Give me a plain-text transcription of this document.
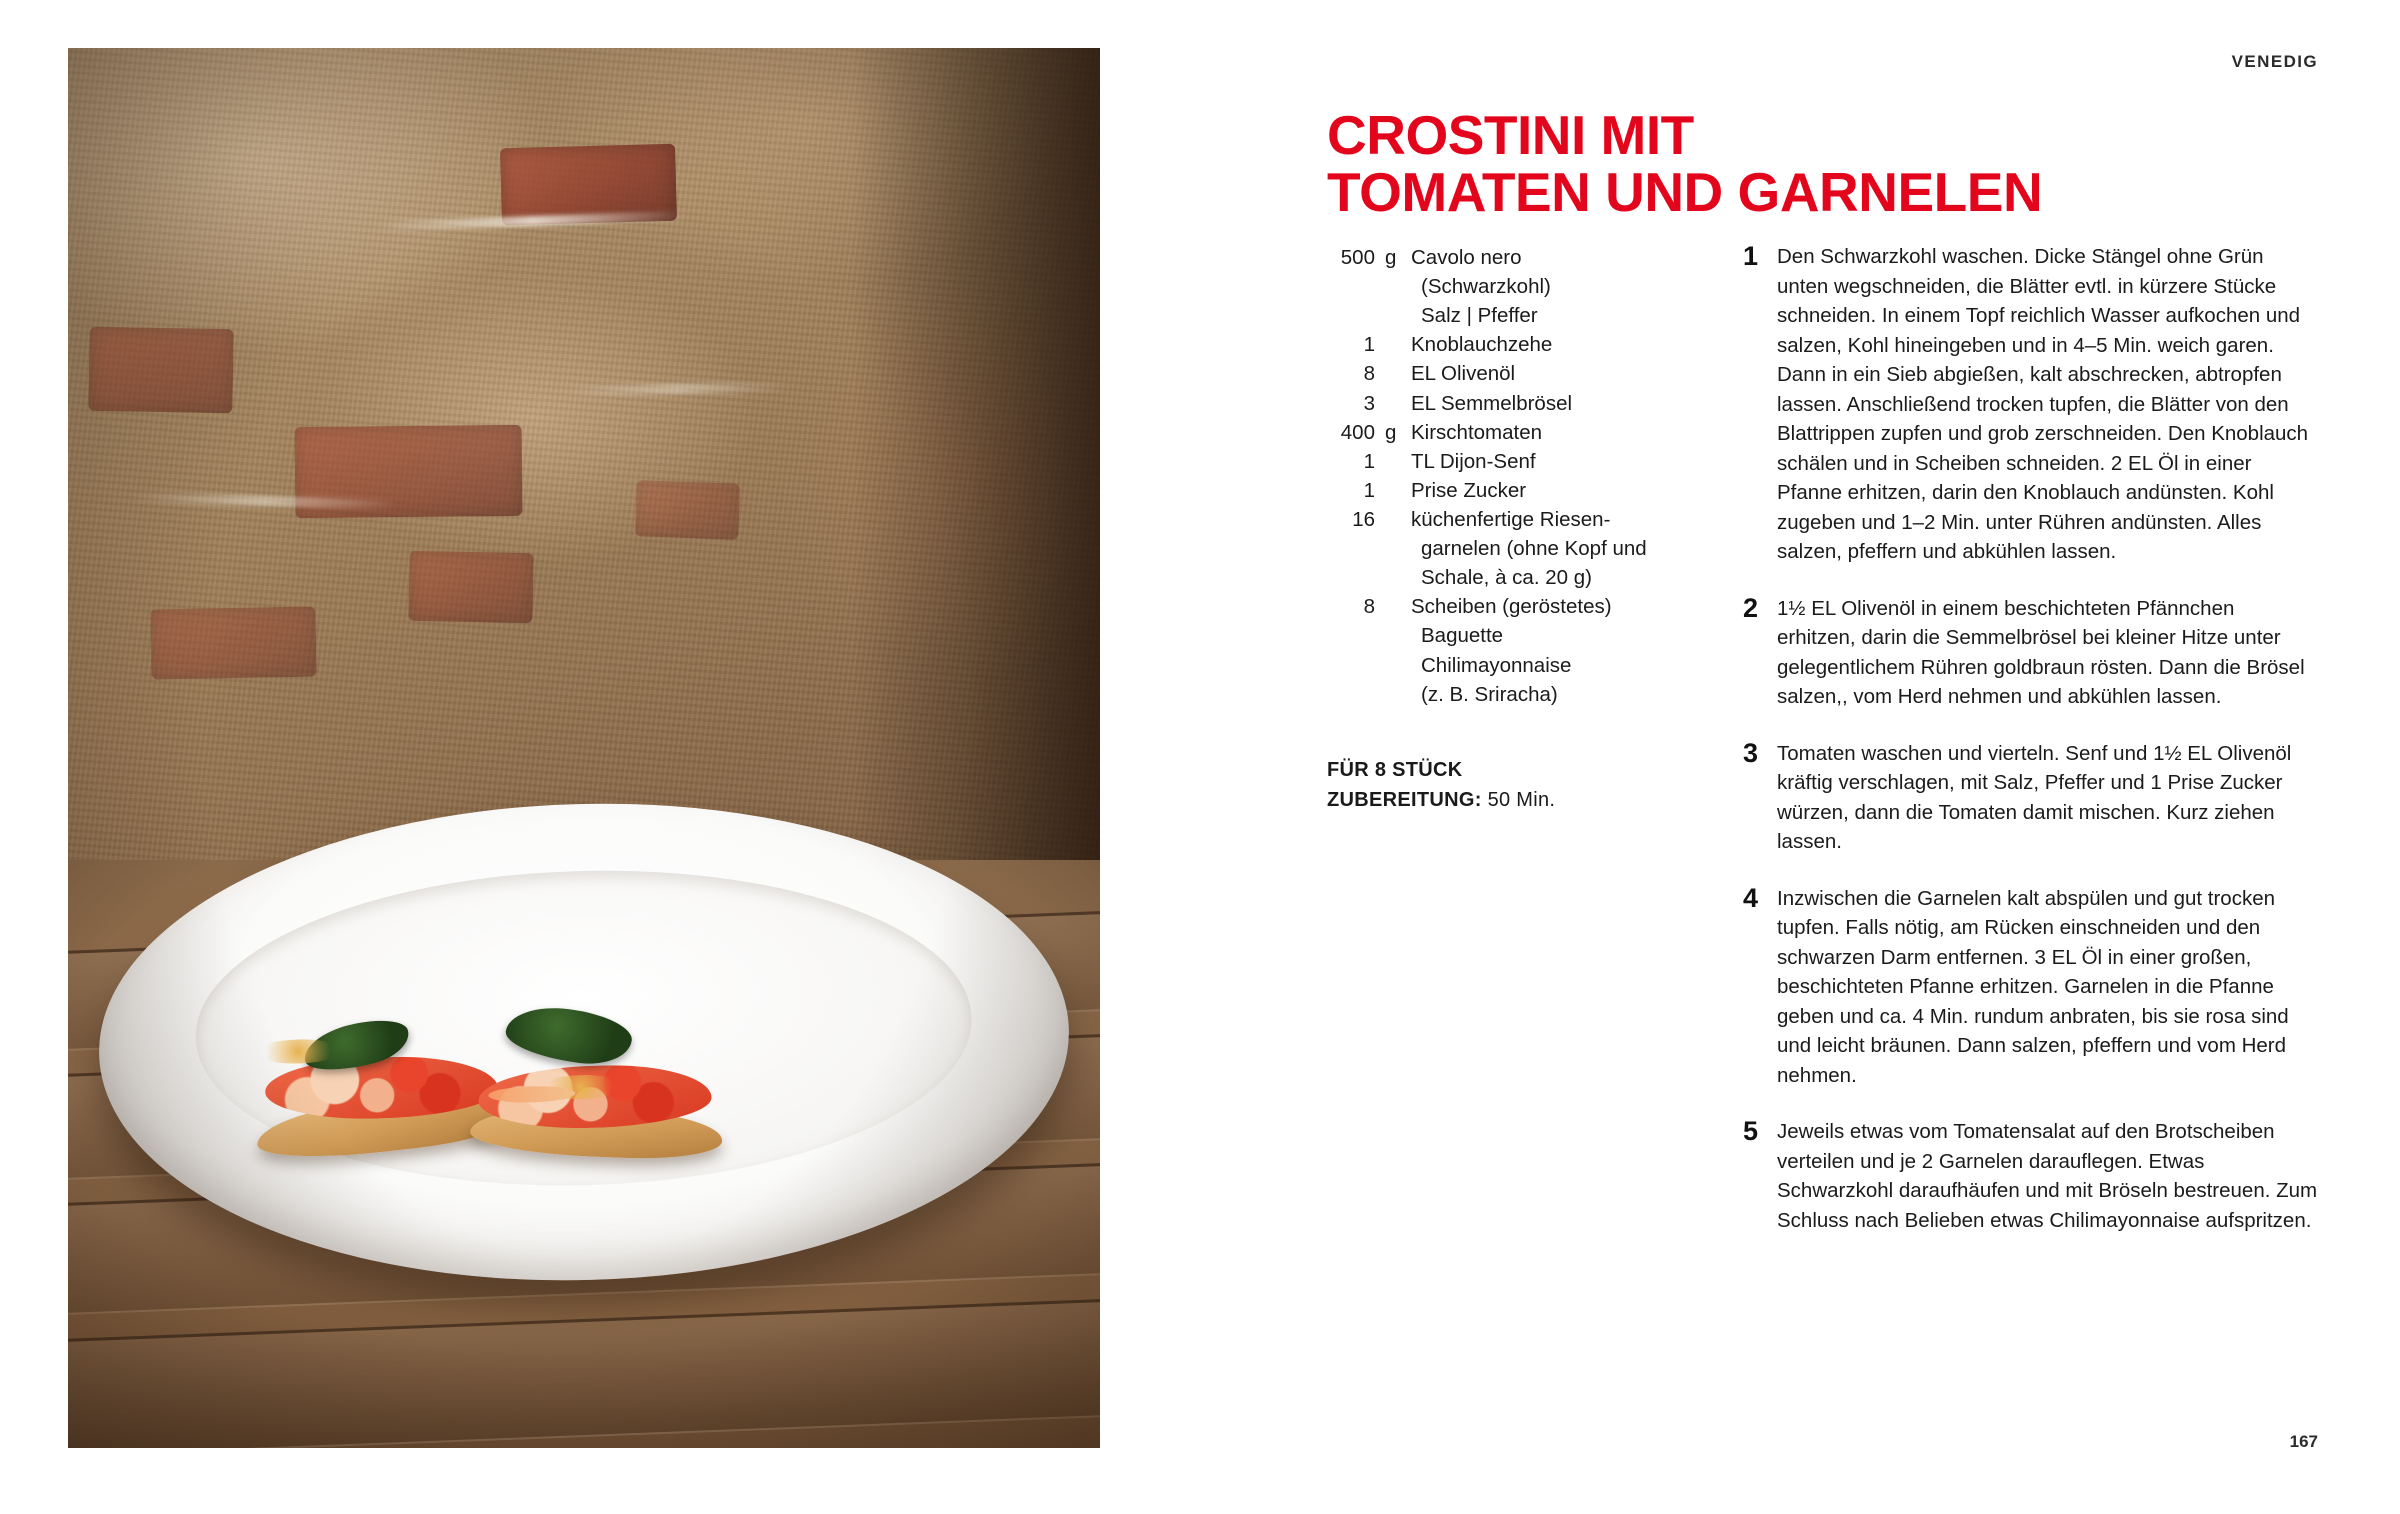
VENEDIG
CROSTINI MIT
TOMATEN UND GARNELEN
500 g Cavolo nero
(Schwarzkohl)
Salz | Pfeffer
1	Knoblauchzehe
8	EL Olivenöl
3	EL Semmelbrösel
400 g Kirschtomaten
1	TL Dijon-Senf
1	Prise Zucker
16	küchenfertige Riesen-
garnelen (ohne Kopf und
Schale, à ca. 20 g)
8	Scheiben (geröstetes)
Baguette
Chilimayonnaise
(z. B. Sriracha)
FÜR 8 STÜCK
ZUBEREITUNG: 50 Min.
1 Den Schwarzkohl waschen. Dicke Stängel ohne Grün unten wegschneiden, die Blätter evtl. in kürzere Stücke schneiden. In einem Topf reichlich Wasser aufkochen und salzen, Kohl hineingeben und in 4–5 Min. weich garen. Dann in ein Sieb abgießen, kalt abschrecken, abtropfen lassen. Anschließend trocken tupfen, die Blätter von den Blattrippen zupfen und grob zerschneiden. Den Knoblauch schälen und in Scheiben schneiden. 2 EL Öl in einer Pfanne erhitzen, darin den Knoblauch andünsten. Kohl zugeben und 1–2 Min. unter Rühren andünsten. Alles salzen, pfeffern und abkühlen lassen.
2 1½ EL Olivenöl in einem beschichteten Pfännchen erhitzen, darin die Semmelbrösel bei kleiner Hitze unter gelegentlichem Rühren goldbraun rösten. Dann die Brösel salzen,, vom Herd nehmen und abkühlen lassen.
3 Tomaten waschen und vierteln. Senf und 1½ EL Olivenöl kräftig verschlagen, mit Salz, Pfeffer und 1 Prise Zucker würzen, dann die Tomaten damit mischen. Kurz ziehen lassen.
4 Inzwischen die Garnelen kalt abspülen und gut trocken tupfen. Falls nötig, am Rücken einschneiden und den schwarzen Darm entfernen. 3 EL Öl in einer großen, beschichteten Pfanne erhitzen. Garnelen in die Pfanne geben und ca. 4 Min. rundum anbraten, bis sie rosa sind und leicht bräunen. Dann salzen, pfeffern und vom Herd nehmen.
5 Jeweils etwas vom Tomatensalat auf den Brotscheiben verteilen und je 2 Garnelen darauflegen. Etwas Schwarzkohl daraufhäufen und mit Bröseln bestreuen. Zum Schluss nach Belieben etwas Chilimayonnaise aufspritzen.
167
